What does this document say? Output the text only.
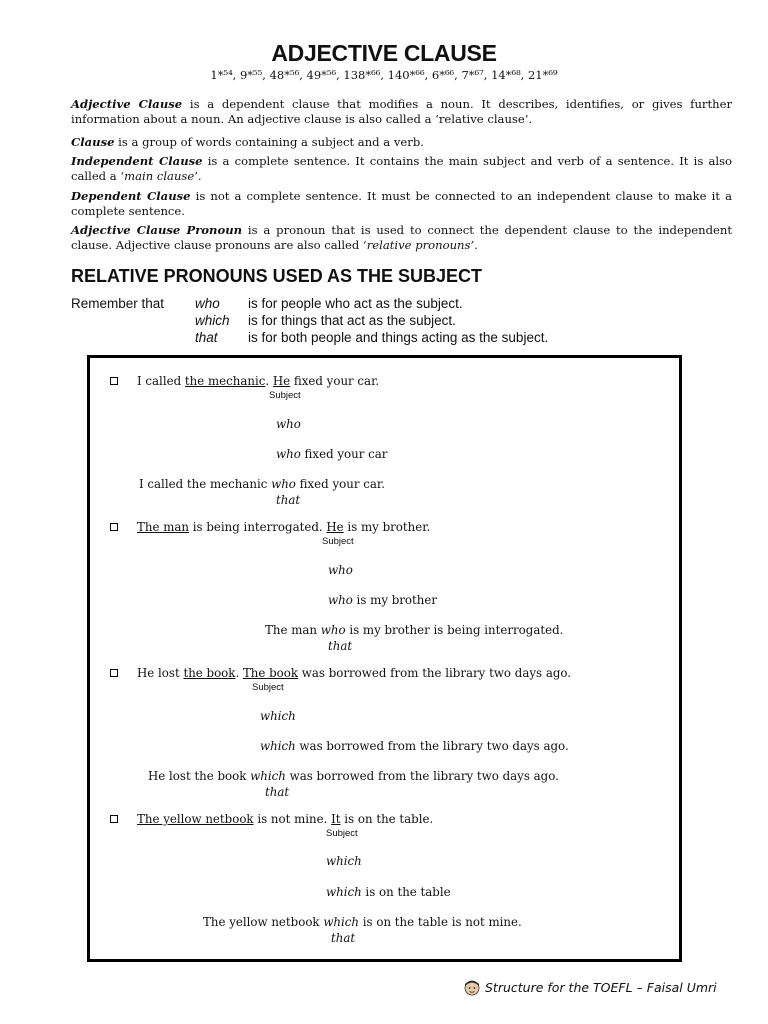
ADJECTIVE CLAUSE
1*⁵⁴, 9*⁵⁵, 48*⁵⁶, 49*⁵⁶, 138*⁶⁶, 140*⁶⁶, 6*⁶⁶, 7*⁶⁷, 14*⁶⁸, 21*⁶⁹
Adjective Clause is a dependent clause that modifies a noun. It describes, identifies, or gives further information about a noun. An adjective clause is also called a ‘relative clause’.
Clause is a group of words containing a subject and a verb.
Independent Clause is a complete sentence. It contains the main subject and verb of a sentence. It is also called a ‘main clause’.
Dependent Clause is not a complete sentence. It must be connected to an independent clause to make it a complete sentence.
Adjective Clause Pronoun is a pronoun that is used to connect the dependent clause to the independent clause. Adjective clause pronouns are also called ‘relative pronouns’.
RELATIVE PRONOUNS USED AS THE SUBJECT
Remember that who is for people who act as the subject.
which is for things that act as the subject.
that is for both people and things acting as the subject.
I called the mechanic. He fixed your car.
Subject
who
who fixed your car
I called the mechanic who fixed your car.
that
The man is being interrogated. He is my brother.
Subject
who
who is my brother
The man who is my brother is being interrogated.
that
He lost the book. The book was borrowed from the library two days ago.
Subject
which
which was borrowed from the library two days ago.
He lost the book which was borrowed from the library two days ago.
that
The yellow netbook is not mine. It is on the table.
Subject
which
which is on the table
The yellow netbook which is on the table is not mine.
that
Structure for the TOEFL – Faisal Umri
